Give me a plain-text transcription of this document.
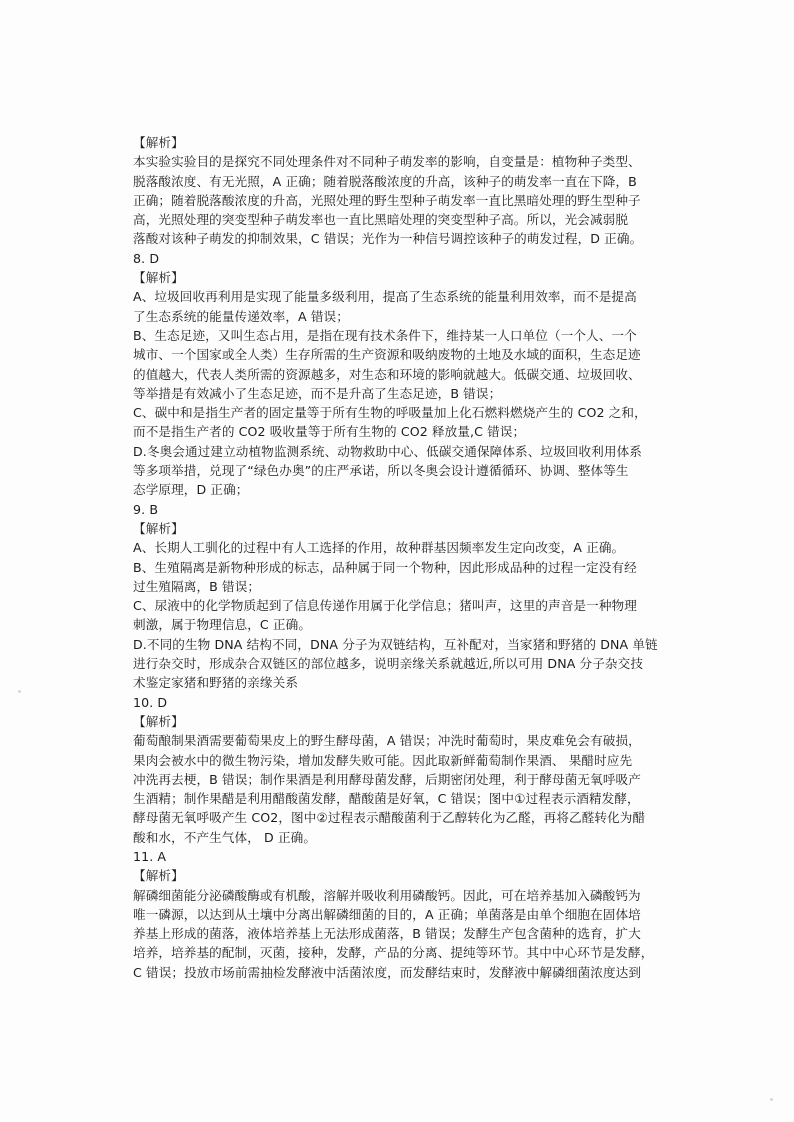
【解析】
本实验实验目的是探究不同处理条件对不同种子萌发率的影响，自变量是：植物种子类型、
脱落酸浓度、有无光照，A 正确；随着脱落酸浓度的升高，该种子的萌发率一直在下降，B
正确；随着脱落酸浓度的升高，光照处理的野生型种子萌发率一直比黑暗处理的野生型种子
高，光照处理的突变型种子萌发率也一直比黑暗处理的突变型种子高。所以，光会减弱脱
落酸对该种子萌发的抑制效果，C 错误；光作为一种信号调控该种子的萌发过程，D 正确。
8. D
【解析】
A、垃圾回收再利用是实现了能量多级利用，提高了生态系统的能量利用效率，而不是提高
了生态系统的能量传递效率，A 错误；
B、生态足迹，又叫生态占用，是指在现有技术条件下，维持某一人口单位（一个人、一个
城市、一个国家或全人类）生存所需的生产资源和吸纳废物的土地及水域的面积，生态足迹
的值越大，代表人类所需的资源越多，对生态和环境的影响就越大。低碳交通、垃圾回收、
等举措是有效减小了生态足迹，而不是升高了生态足迹，B 错误；
C、碳中和是指生产者的固定量等于所有生物的呼吸量加上化石燃料燃烧产生的 CO2 之和，
而不是指生产者的 CO2 吸收量等于所有生物的 CO2 释放量,C 错误；
D.冬奥会通过建立动植物监测系统、动物救助中心、低碳交通保障体系、垃圾回收利用体系
等多项举措，兑现了“绿色办奥”的庄严承诺，所以冬奥会设计遵循循环、协调、整体等生
态学原理，D 正确；
9. B
【解析】
A、长期人工驯化的过程中有人工选择的作用，故种群基因频率发生定向改变，A 正确。
B、生殖隔离是新物种形成的标志，品种属于同一个物种，因此形成品种的过程一定没有经
过生殖隔离，B 错误；
C、尿液中的化学物质起到了信息传递作用属于化学信息；猪叫声，这里的声音是一种物理
刺激，属于物理信息，C 正确。
D.不同的生物 DNA 结构不同，DNA 分子为双链结构，互补配对，当家猪和野猪的 DNA 单链
进行杂交时，形成杂合双链区的部位越多，说明亲缘关系就越近,所以可用 DNA 分子杂交技
术鉴定家猪和野猪的亲缘关系
10. D
【解析】
葡萄酿制果酒需要葡萄果皮上的野生酵母菌，A 错误；冲洗时葡萄时，果皮难免会有破损，
果肉会被水中的微生物污染，增加发酵失败可能。因此取新鲜葡萄制作果酒、 果醋时应先
冲洗再去梗，B 错误；制作果酒是利用酵母菌发酵，后期密闭处理，利于酵母菌无氧呼吸产
生酒精；制作果醋是利用醋酸菌发酵，醋酸菌是好氧，C 错误；图中①过程表示酒精发酵，
酵母菌无氧呼吸产生 CO2，图中②过程表示醋酸菌利于乙醇转化为乙醛，再将乙醛转化为醋
酸和水，不产生气体， D 正确。
11. A
【解析】
解磷细菌能分泌磷酸酶或有机酸，溶解并吸收利用磷酸钙。因此，可在培养基加入磷酸钙为
唯一磷源，以达到从土壤中分离出解磷细菌的目的，A 正确；单菌落是由单个细胞在固体培
养基上形成的菌落，液体培养基上无法形成菌落，B 错误；发酵生产包含菌种的选育，扩大
培养，培养基的配制，灭菌，接种，发酵，产品的分离、提纯等环节。其中中心环节是发酵，
C 错误；投放市场前需抽检发酵液中活菌浓度，而发酵结束时，发酵液中解磷细菌浓度达到
